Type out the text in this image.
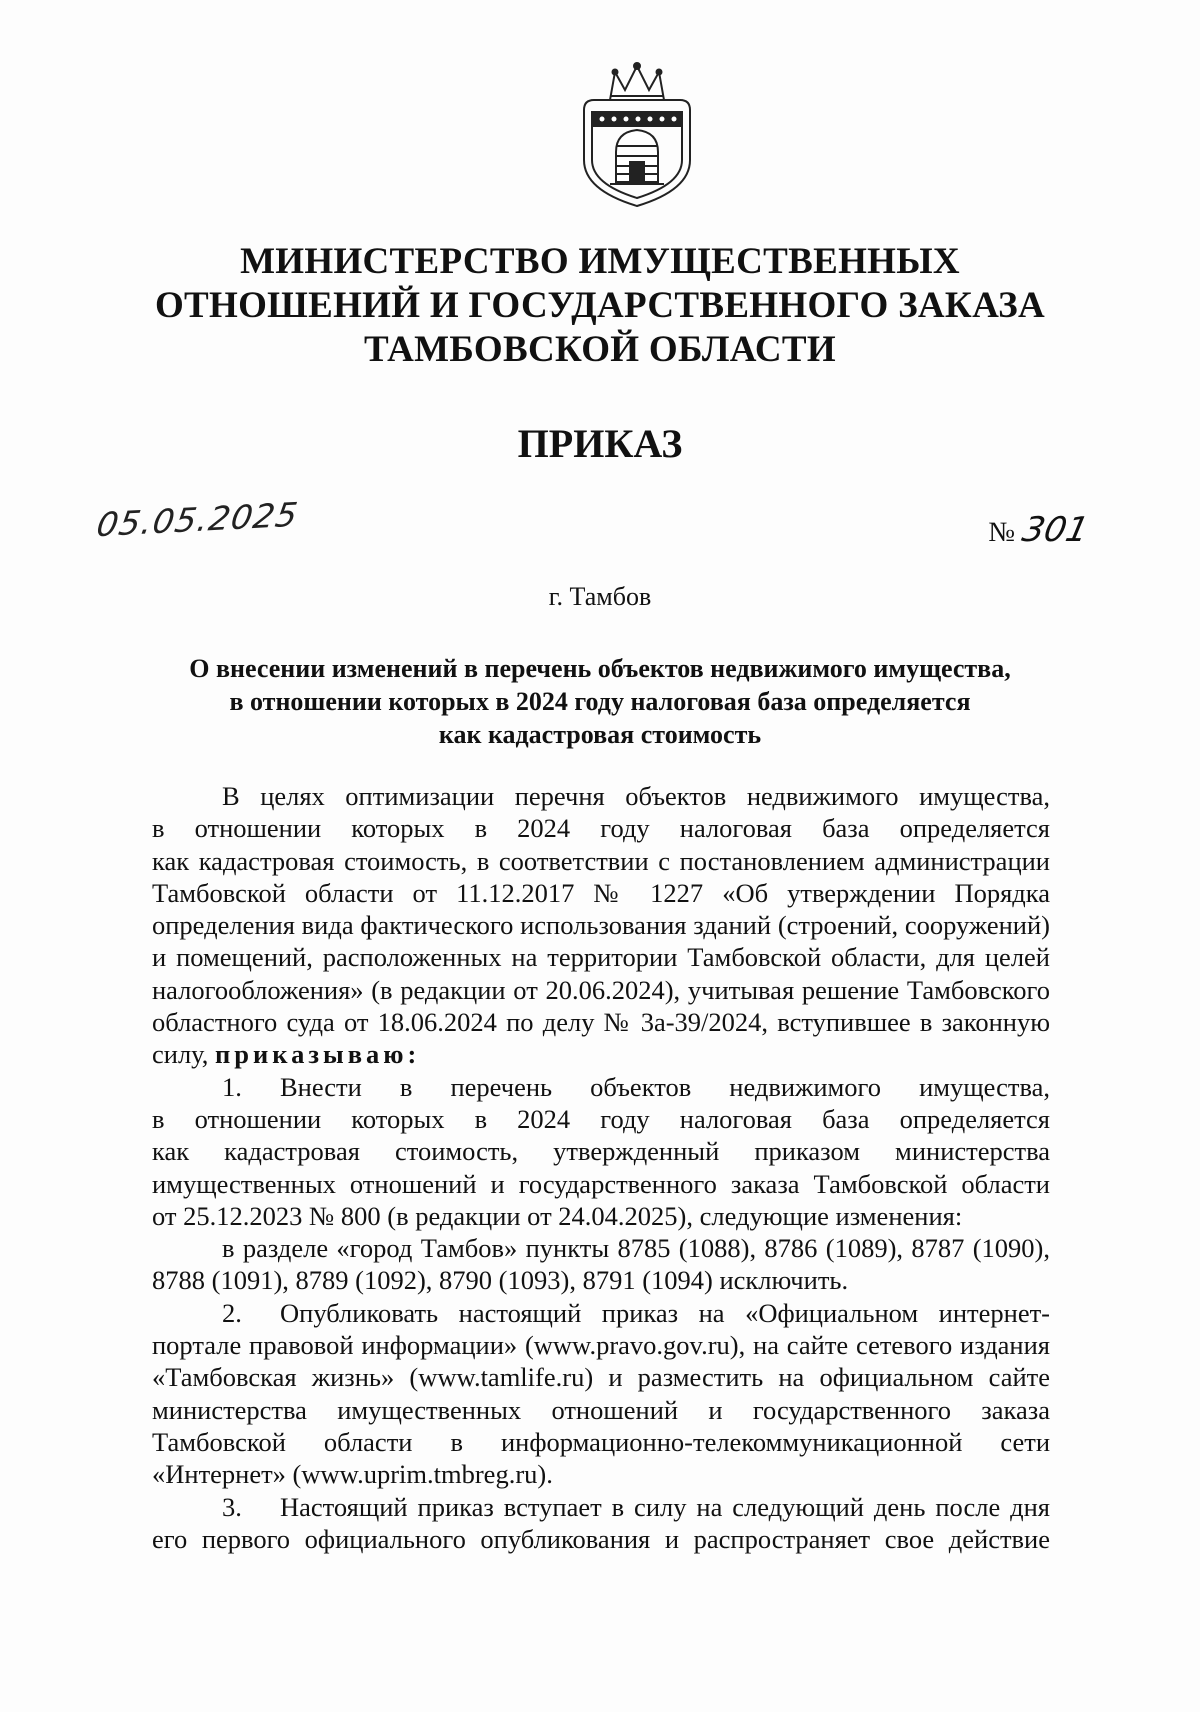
МИНИСТЕРСТВО ИМУЩЕСТВЕННЫХ
ОТНОШЕНИЙ И ГОСУДАРСТВЕННОГО ЗАКАЗА
ТАМБОВСКОЙ ОБЛАСТИ
ПРИКАЗ
05.05.2025	№ 301
г. Тамбов
О внесении изменений в перечень объектов недвижимого имущества,
в отношении которых в 2024 году налоговая база определяется
как кадастровая стоимость
В целях оптимизации перечня объектов недвижимого имущества,
в отношении которых в 2024 году налоговая база определяется
как кадастровая стоимость, в соответствии с постановлением администрации
Тамбовской области от 11.12.2017 № 1227 «Об утверждении Порядка
определения вида фактического использования зданий (строений, сооружений)
и помещений, расположенных на территории Тамбовской области, для целей
налогообложения» (в редакции от 20.06.2024), учитывая решение Тамбовского
областного суда от 18.06.2024 по делу № 3а-39/2024, вступившее в законную
силу, приказываю:
1. Внести в перечень объектов недвижимого имущества,
в отношении которых в 2024 году налоговая база определяется
как кадастровая стоимость, утвержденный приказом министерства
имущественных отношений и государственного заказа Тамбовской области
от 25.12.2023 № 800 (в редакции от 24.04.2025), следующие изменения:
в разделе «город Тамбов» пункты 8785 (1088), 8786 (1089), 8787 (1090),
8788 (1091), 8789 (1092), 8790 (1093), 8791 (1094) исключить.
2. Опубликовать настоящий приказ на «Официальном интернет-
портале правовой информации» (www.pravo.gov.ru), на сайте сетевого издания
«Тамбовская жизнь» (www.tamlife.ru) и разместить на официальном сайте
министерства имущественных отношений и государственного заказа
Тамбовской области в информационно-телекоммуникационной сети
«Интернет» (www.uprim.tmbreg.ru).
3. Настоящий приказ вступает в силу на следующий день после дня
его первого официального опубликования и распространяет свое действие
